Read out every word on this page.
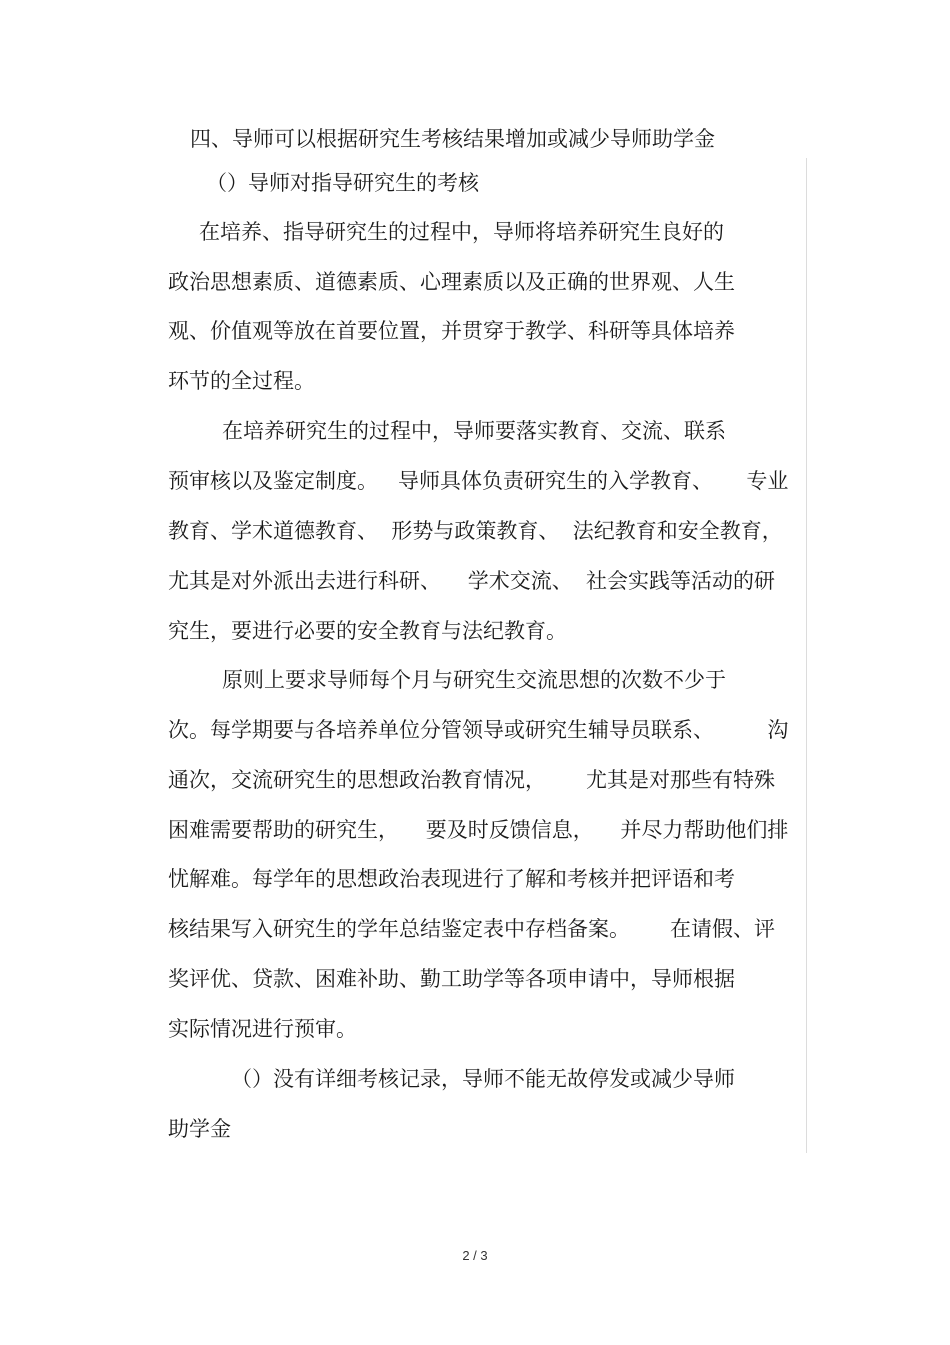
四、导师可以根据研究生考核结果增加或减少导师助学金
（）导师对指导研究生的考核
在培养、指导研究生的过程中，导师将培养研究生良好的
政治思想素质、道德素质、心理素质以及正确的世界观、人生
观、价值观等放在首要位置，并贯穿于教学、科研等具体培养
环节的全过程。
在培养研究生的过程中，导师要落实教育、交流、联系
预审核以及鉴定制度。   导师具体负责研究生的入学教育、     专业
教育、学术道德教育、  形势与政策教育、  法纪教育和安全教育，
尤其是对外派出去进行科研、    学术交流、  社会实践等活动的研
究生，要进行必要的安全教育与法纪教育。
原则上要求导师每个月与研究生交流思想的次数不少于
次。每学期要与各培养单位分管领导或研究生辅导员联系、        沟
通次，交流研究生的思想政治教育情况，      尤其是对那些有特殊
困难需要帮助的研究生，    要及时反馈信息，    并尽力帮助他们排
忧解难。每学年的思想政治表现进行了解和考核并把评语和考
核结果写入研究生的学年总结鉴定表中存档备案。      在请假、评
奖评优、贷款、困难补助、勤工助学等各项申请中，导师根据
实际情况进行预审。
（）没有详细考核记录，导师不能无故停发或减少导师
助学金
2 / 3
